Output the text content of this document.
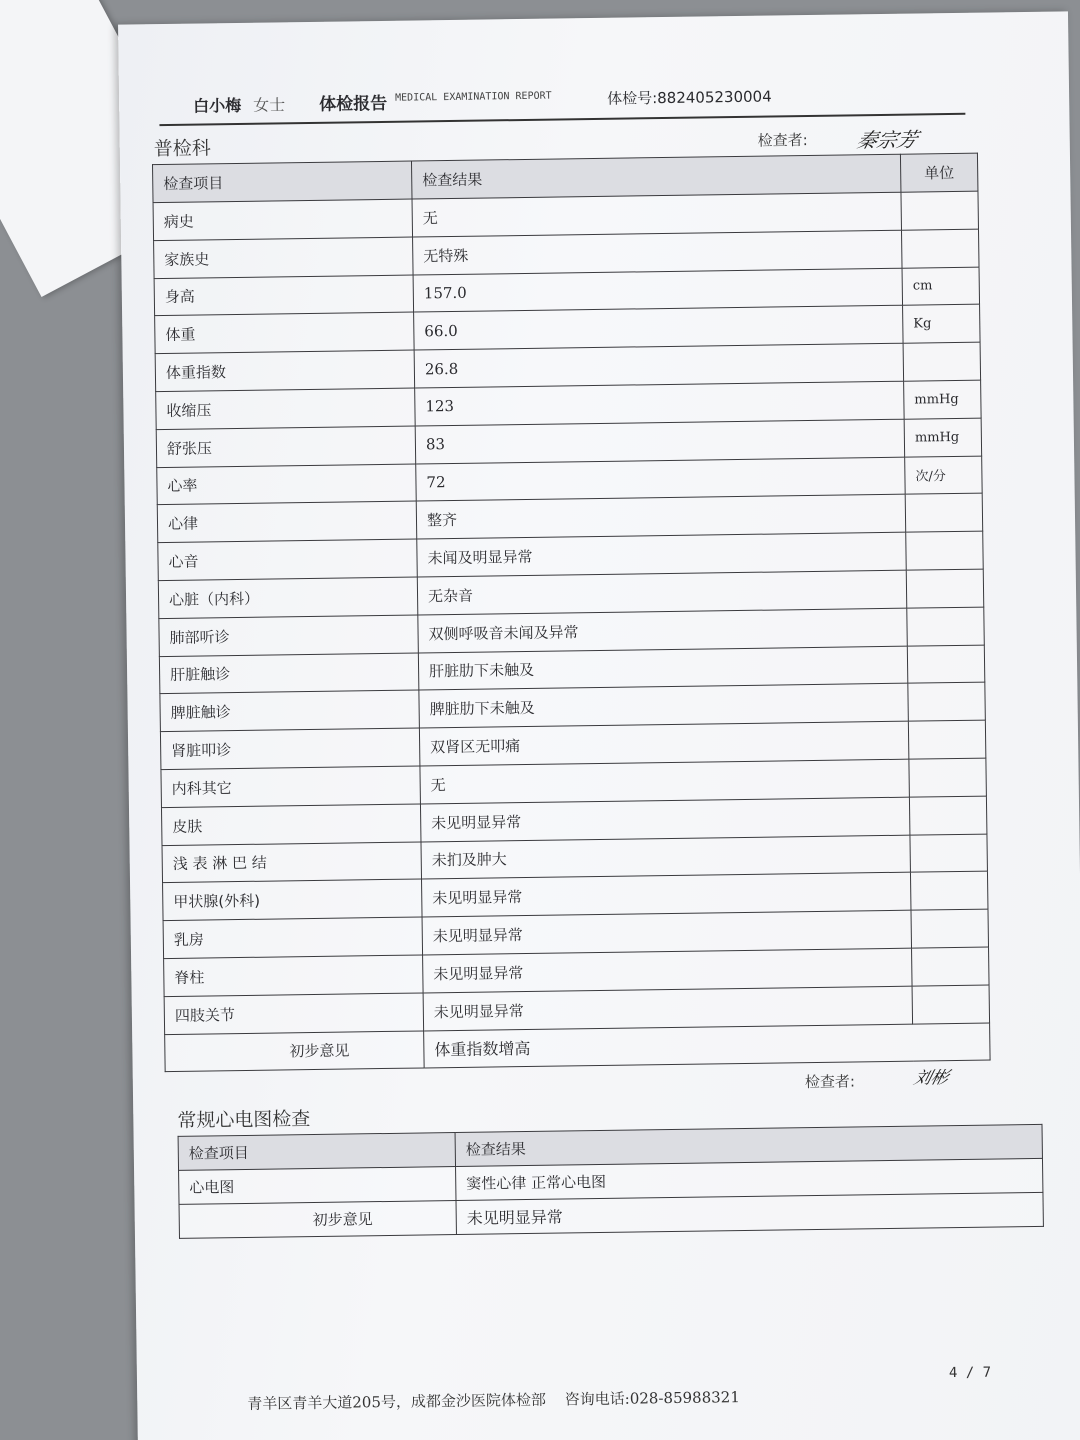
白小梅 女士 体检报告 MEDICAL EXAMINATION REPORT	体检号:882405230004
普检科	检查者: 秦宗芳
检查项目	检查结果	单位
病史	无	
家族史	无特殊	
身高	157.0	cm
体重	66.0	Kg
体重指数	26.8	
收缩压	123	mmHg
舒张压	83	mmHg
心率	72	次/分
心律	整齐	
心音	未闻及明显异常	
心脏（内科）	无杂音	
肺部听诊	双侧呼吸音未闻及异常	
肝脏触诊	肝脏肋下未触及	
脾脏触诊	脾脏肋下未触及	
肾脏叩诊	双肾区无叩痛	
内科其它	无	
皮肤	未见明显异常	
浅 表 淋 巴 结	未扪及肿大	
甲状腺(外科)	未见明显异常	
乳房	未见明显异常	
脊柱	未见明显异常	
四肢关节	未见明显异常	
初步意见	体重指数增高	
检查者:	刘彬
常规心电图检查
检查项目	检查结果
心电图	窦性心律 正常心电图
初步意见	未见明显异常
4 / 7
青羊区青羊大道205号，成都金沙医院体检部 咨询电话:028-85988321
